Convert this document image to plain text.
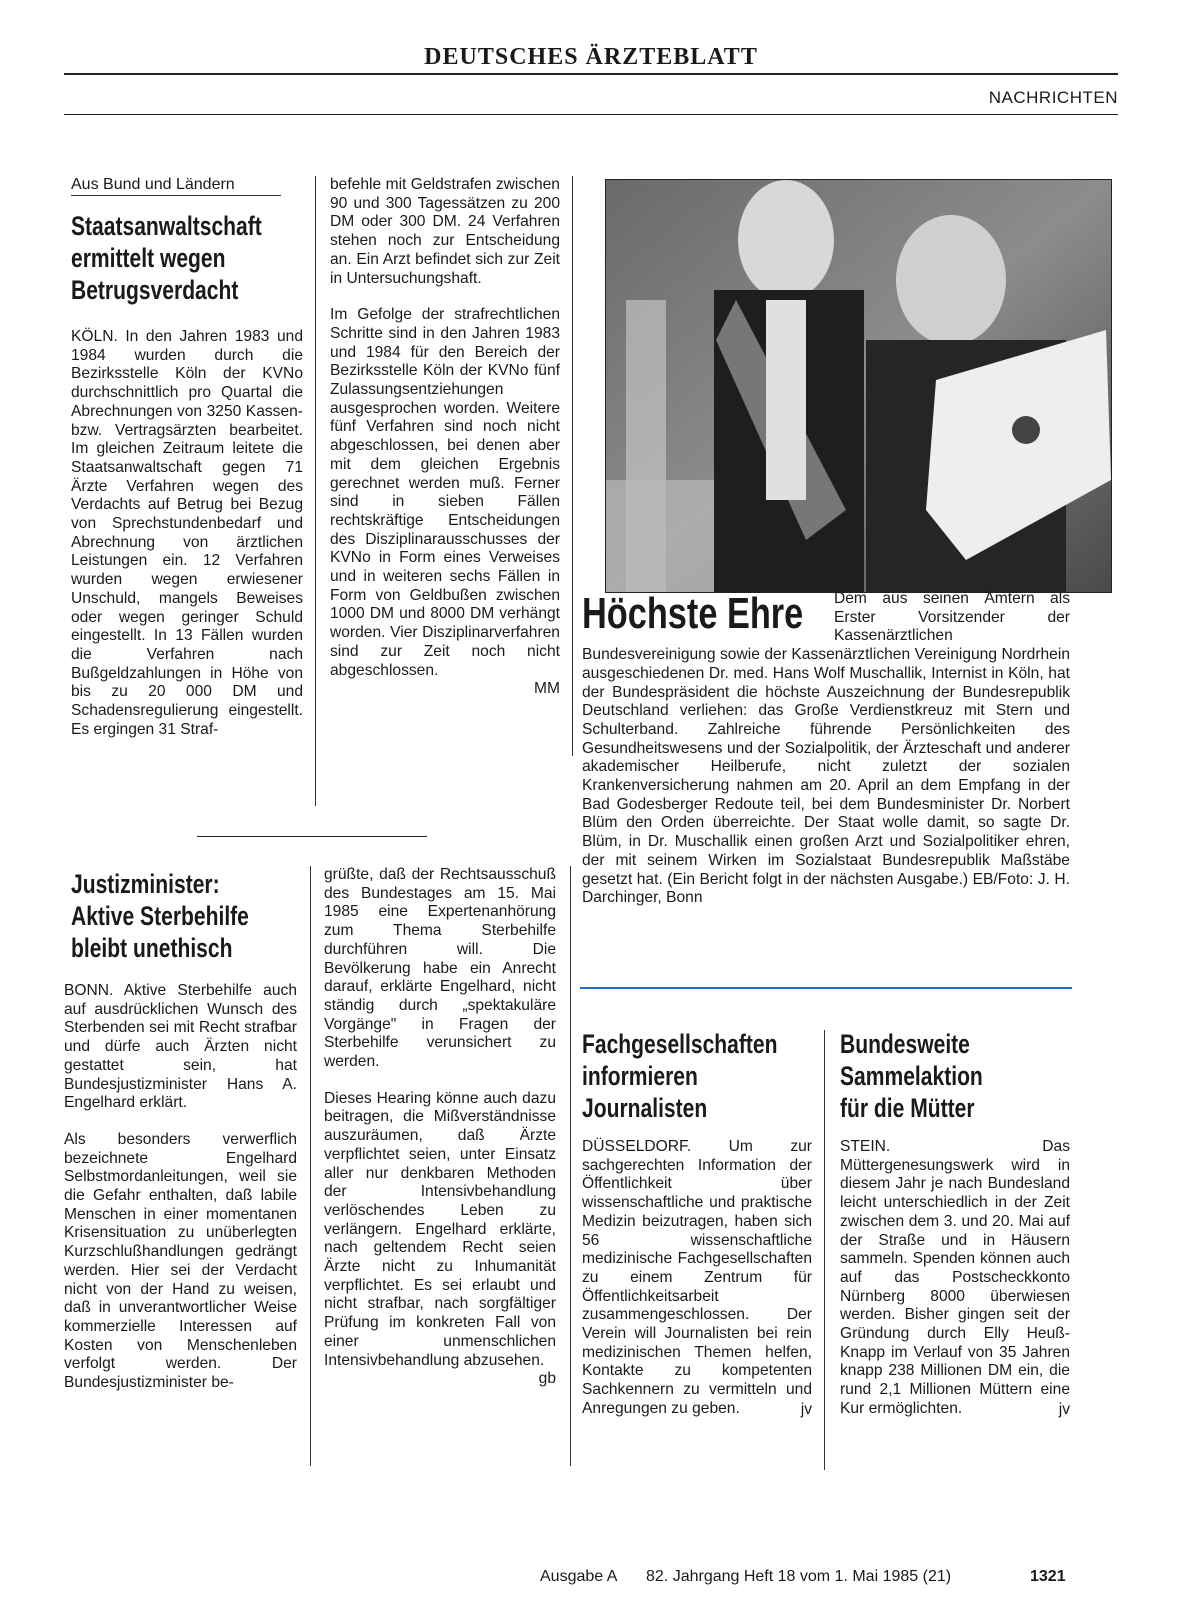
DEUTSCHES ÄRZTEBLATT
NACHRICHTEN
Aus Bund und Ländern
Staatsanwaltschaft
ermittelt wegen
Betrugsverdacht

KÖLN. In den Jahren 1983 und 1984 wurden durch die Bezirksstelle Köln der KVNo durchschnittlich pro Quartal die Abrechnungen von 3250 Kassen- bzw. Vertragsärzten bearbeitet. Im gleichen Zeitraum leitete die Staatsanwaltschaft gegen 71 Ärzte Verfahren wegen des Verdachts auf Betrug bei Bezug von Sprechstundenbedarf und Abrechnung von ärztlichen Leistungen ein. 12 Verfahren wurden wegen erwiesener Unschuld, mangels Beweises oder wegen geringer Schuld eingestellt. In 13 Fällen wurden die Verfahren nach Bußgeldzahlungen in Höhe von bis zu 20 000 DM und Schadensregulierung eingestellt. Es ergingen 31 Straf-

befehle mit Geldstrafen zwischen 90 und 300 Tagessätzen zu 200 DM oder 300 DM. 24 Verfahren stehen noch zur Entscheidung an. Ein Arzt befindet sich zur Zeit in Untersuchungshaft.

Im Gefolge der strafrechtlichen Schritte sind in den Jahren 1983 und 1984 für den Bereich der Bezirksstelle Köln der KVNo fünf Zulassungsentziehungen ausgesprochen worden. Weitere fünf Verfahren sind noch nicht abgeschlossen, bei denen aber mit dem gleichen Ergebnis gerechnet werden muß. Ferner sind in sieben Fällen rechtskräftige Entscheidungen des Disziplinarausschusses der KVNo in Form eines Verweises und in weiteren sechs Fällen in Form von Geldbußen zwischen 1000 DM und 8000 DM verhängt worden. Vier Disziplinarverfahren sind zur Zeit noch nicht abgeschlossen.

MM
Justizminister:
Aktive Sterbehilfe
bleibt unethisch

BONN. Aktive Sterbehilfe auch auf ausdrücklichen Wunsch des Sterbenden sei mit Recht strafbar und dürfe auch Ärzten nicht gestattet sein, hat Bundesjustizminister Hans A. Engelhard erklärt.

Als besonders verwerflich bezeichnete Engelhard Selbstmordanleitungen, weil sie die Gefahr enthalten, daß labile Menschen in einer momentanen Krisensituation zu unüberlegten Kurzschlußhandlungen gedrängt werden. Hier sei der Verdacht nicht von der Hand zu weisen, daß in unverantwortlicher Weise kommerzielle Interessen auf Kosten von Menschenleben verfolgt werden. Der Bundesjustizminister be-

grüßte, daß der Rechtsausschuß des Bundestages am 15. Mai 1985 eine Expertenanhörung zum Thema Sterbehilfe durchführen will. Die Bevölkerung habe ein Anrecht darauf, erklärte Engelhard, nicht ständig durch „spektakuläre Vorgänge" in Fragen der Sterbehilfe verunsichert zu werden.

Dieses Hearing könne auch dazu beitragen, die Mißverständnisse auszuräumen, daß Ärzte verpflichtet seien, unter Einsatz aller nur denkbaren Methoden der Intensivbehandlung verlöschendes Leben zu verlängern. Engelhard erklärte, nach geltendem Recht seien Ärzte nicht zu Inhumanität verpflichtet. Es sei erlaubt und nicht strafbar, nach sorgfältiger Prüfung im konkreten Fall von einer unmenschlichen Intensivbehandlung abzusehen.

gb
Höchste Ehre	Dem aus seinen Ämtern als Erster Vorsitzender der Kassenärztlichen Bundesvereinigung sowie der Kassenärztlichen Vereinigung Nordrhein ausgeschiedenen Dr. med. Hans Wolf Muschallik, Internist in Köln, hat der Bundespräsident die höchste Auszeichnung der Bundesrepublik Deutschland verliehen: das Große Verdienstkreuz mit Stern und Schulterband. Zahlreiche führende Persönlichkeiten des Gesundheitswesens und der Sozialpolitik, der Ärzteschaft und anderer akademischer Heilberufe, nicht zuletzt der sozialen Krankenversicherung nahmen am 20. April an dem Empfang in der Bad Godesberger Redoute teil, bei dem Bundesminister Dr. Norbert Blüm den Orden überreichte. Der Staat wolle damit, so sagte Dr. Blüm, in Dr. Muschallik einen großen Arzt und Sozialpolitiker ehren, der mit seinem Wirken im Sozialstaat Bundesrepublik Maßstäbe gesetzt hat. (Ein Bericht folgt in der nächsten Ausgabe.) EB/Foto: J. H. Darchinger, Bonn

Fachgesellschaften
informieren
Journalisten

DÜSSELDORF. Um zur sachgerechten Information der Öffentlichkeit über wissenschaftliche und praktische Medizin beizutragen, haben sich 56 wissenschaftliche medizinische Fachgesellschaften zu einem Zentrum für Öffentlichkeitsarbeit zusammengeschlossen. Der Verein will Journalisten bei rein medizinischen Themen helfen, Kontakte zu kompetenten Sachkennern zu vermitteln und Anregungen zu geben.	jv
Bundesweite
Sammelaktion
für die Mütter

STEIN. Das Müttergenesungswerk wird in diesem Jahr je nach Bundesland leicht unterschiedlich in der Zeit zwischen dem 3. und 20. Mai auf der Straße und in Häusern sammeln. Spenden können auch auf das Postscheckkonto Nürnberg 8000 überwiesen werden. Bisher gingen seit der Gründung durch Elly Heuß-Knapp im Verlauf von 35 Jahren knapp 238 Millionen DM ein, die rund 2,1 Millionen Müttern eine Kur ermöglichten.	jv
Ausgabe A 82. Jahrgang Heft 18 vom 1. Mai 1985 (21)	1321
